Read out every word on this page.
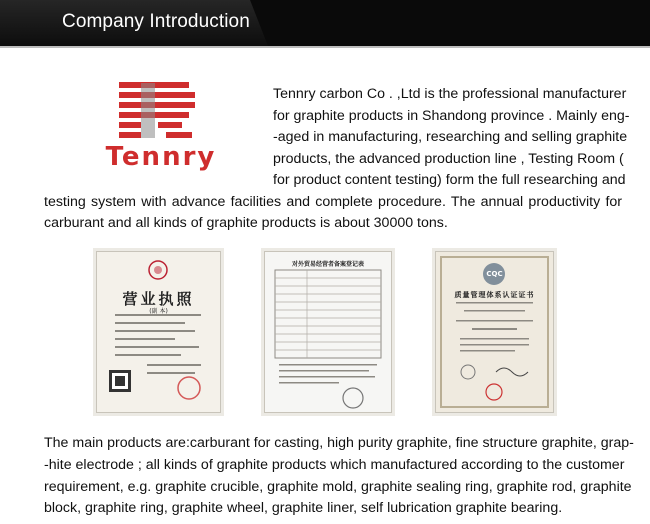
Company Introduction
Tennry
Tennry carbon Co . ,Ltd is the professional manufacturer
for graphite products in Shandong province . Mainly eng-
-aged in manufacturing, researching and selling graphite
products, the advanced production line , Testing Room (
for product content testing) form the full researching and
testing system with advance facilities and complete procedure. The annual productivity for
carburant and all kinds of graphite products is about 30000 tons.
营业执照
(副 本)
对外贸易经营者备案登记表
CQC
质量管理体系认证证书
The main products are:carburant for casting, high purity graphite, fine structure graphite, grap-
-hite electrode ; all kinds of graphite products which manufactured according to the customer
requirement, e.g. graphite crucible, graphite mold, graphite sealing ring, graphite rod, graphite
block, graphite ring, graphite wheel, graphite liner, self lubrication graphite bearing.
